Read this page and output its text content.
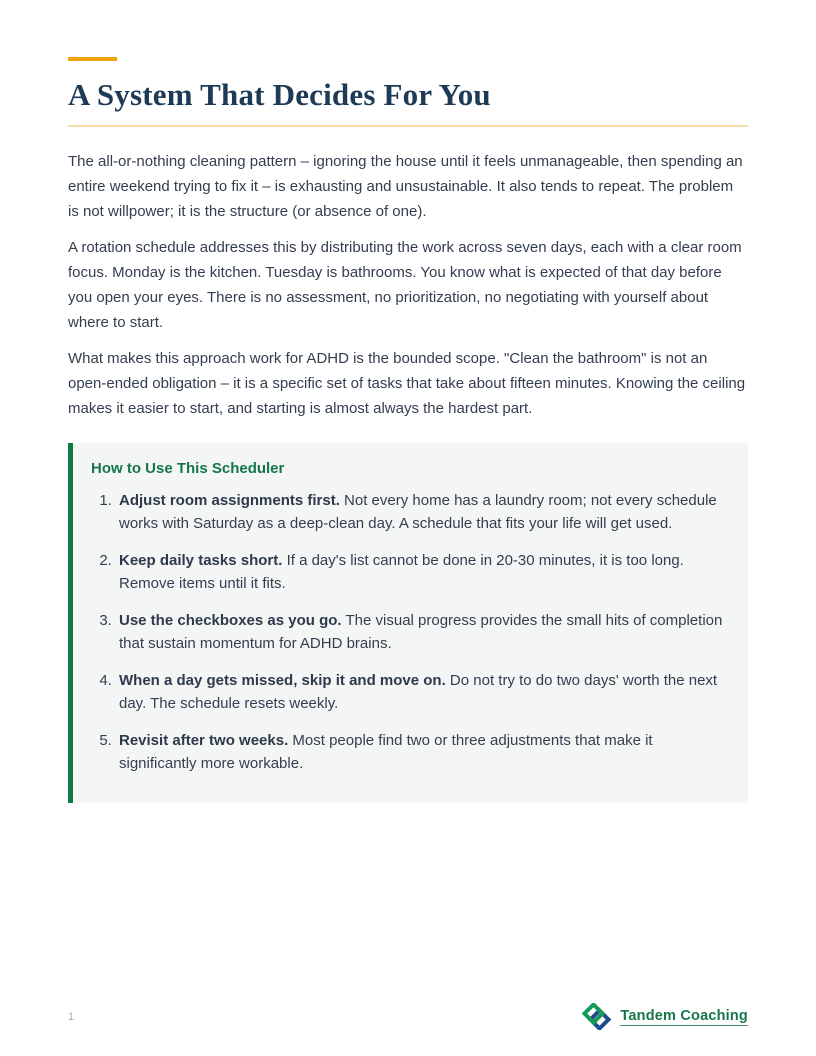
A System That Decides For You

The all-or-nothing cleaning pattern – ignoring the house until it feels unmanageable, then spending an entire weekend trying to fix it – is exhausting and unsustainable. It also tends to repeat. The problem is not willpower; it is the structure (or absence of one).

A rotation schedule addresses this by distributing the work across seven days, each with a clear room focus. Monday is the kitchen. Tuesday is bathrooms. You know what is expected of that day before you open your eyes. There is no assessment, no prioritization, no negotiating with yourself about where to start.

What makes this approach work for ADHD is the bounded scope. "Clean the bathroom" is not an open-ended obligation – it is a specific set of tasks that take about fifteen minutes. Knowing the ceiling makes it easier to start, and starting is almost always the hardest part.

How to Use This Scheduler
1. Adjust room assignments first. Not every home has a laundry room; not every schedule works with Saturday as a deep-clean day. A schedule that fits your life will get used.
2. Keep daily tasks short. If a day's list cannot be done in 20-30 minutes, it is too long. Remove items until it fits.
3. Use the checkboxes as you go. The visual progress provides the small hits of completion that sustain momentum for ADHD brains.
4. When a day gets missed, skip it and move on. Do not try to do two days' worth the next day. The schedule resets weekly.
5. Revisit after two weeks. Most people find two or three adjustments that make it significantly more workable.
1	Tandem Coaching
